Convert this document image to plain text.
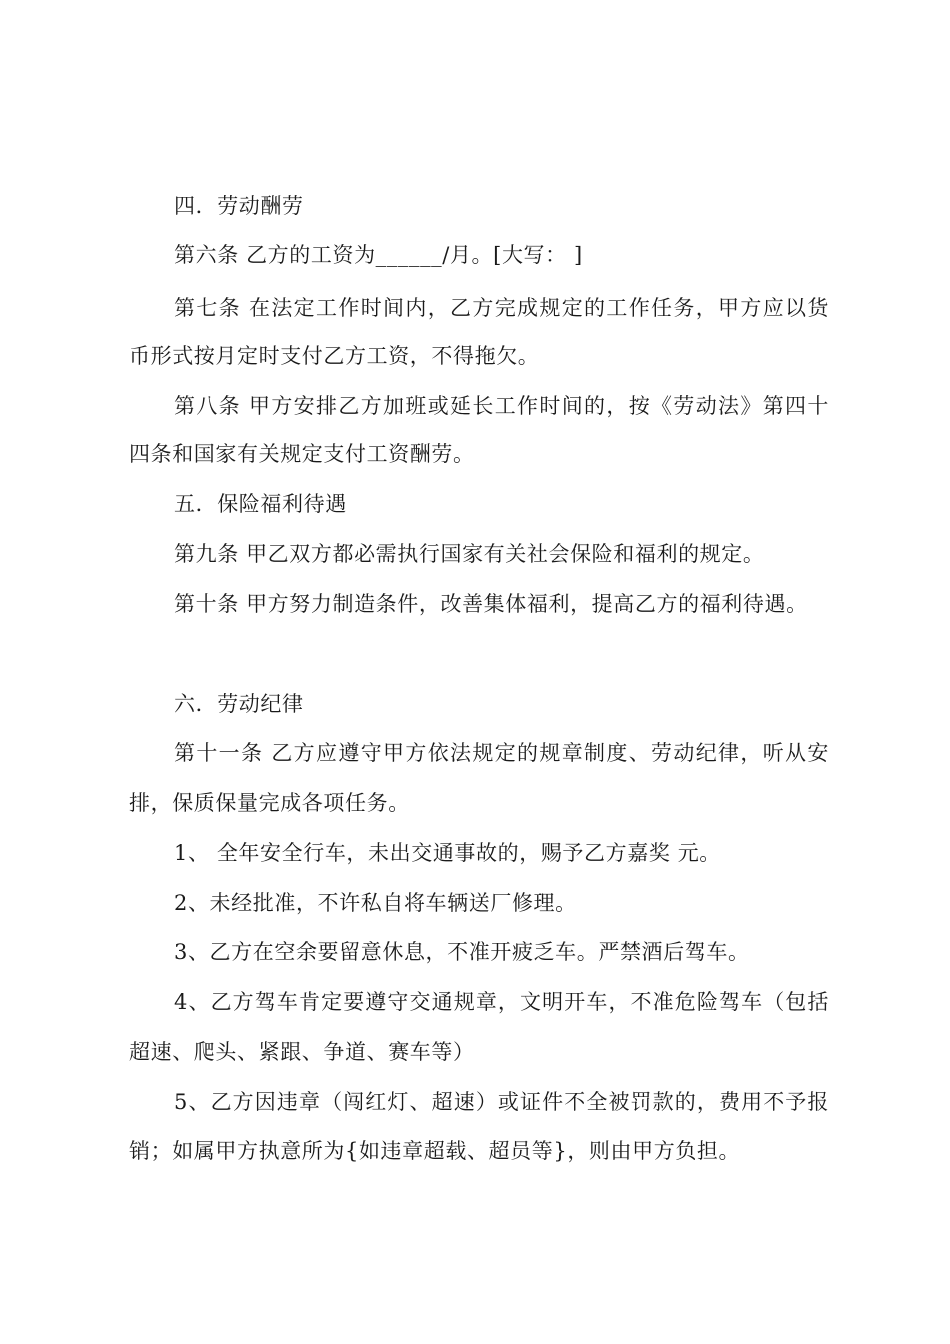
四．劳动酬劳
第六条 乙方的工资为______/月。[大写： ]
第七条 在法定工作时间内，乙方完成规定的工作任务，甲方应以货
币形式按月定时支付乙方工资，不得拖欠。
第八条 甲方安排乙方加班或延长工作时间的，按《劳动法》第四十
四条和国家有关规定支付工资酬劳。
五．保险福利待遇
第九条 甲乙双方都必需执行国家有关社会保险和福利的规定。
第十条 甲方努力制造条件，改善集体福利，提高乙方的福利待遇。
六．劳动纪律
第十一条 乙方应遵守甲方依法规定的规章制度、劳动纪律，听从安
排，保质保量完成各项任务。
1、 全年安全行车，未出交通事故的，赐予乙方嘉奖 元。
2、未经批准，不许私自将车辆送厂修理。
3、乙方在空余要留意休息，不准开疲乏车。严禁酒后驾车。
4、乙方驾车肯定要遵守交通规章，文明开车，不准危险驾车（包括
超速、爬头、紧跟、争道、赛车等）
5、乙方因违章（闯红灯、超速）或证件不全被罚款的，费用不予报
销；如属甲方执意所为{如违章超载、超员等}，则由甲方负担。
